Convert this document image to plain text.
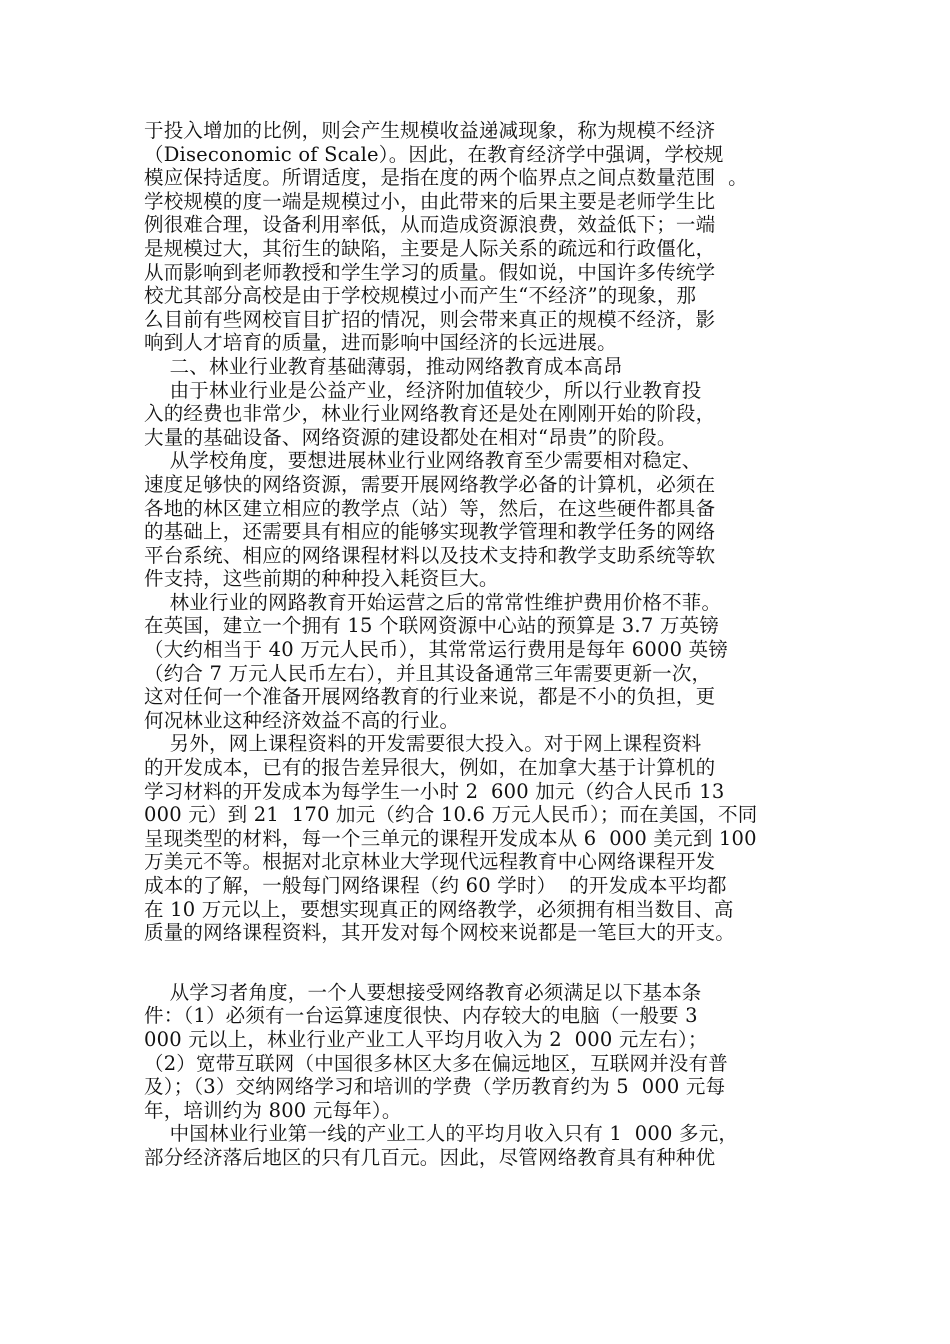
于投入增加的比例，则会产生规模收益递减现象，称为规模不经济
（Diseconomic of Scale）。因此，在教育经济学中强调，学校规
模应保持适度。所谓适度，是指在度的两个临界点之间点数量范围  。
学校规模的度一端是规模过小，由此带来的后果主要是老师学生比
例很难合理，设备利用率低，从而造成资源浪费，效益低下；一端
是规模过大，其衍生的缺陷，主要是人际关系的疏远和行政僵化，
从而影响到老师教授和学生学习的质量。假如说，中国许多传统学
校尤其部分高校是由于学校规模过小而产生“不经济”的现象，那
么目前有些网校盲目扩招的情况，则会带来真正的规模不经济，影
响到人才培育的质量，进而影响中国经济的长远进展。
二、林业行业教育基础薄弱，推动网络教育成本高昂
由于林业行业是公益产业，经济附加值较少，所以行业教育投
入的经费也非常少，林业行业网络教育还是处在刚刚开始的阶段，
大量的基础设备、网络资源的建设都处在相对“昂贵”的阶段。
从学校角度，要想进展林业行业网络教育至少需要相对稳定、
速度足够快的网络资源，需要开展网络教学必备的计算机，必须在
各地的林区建立相应的教学点（站）等，然后，在这些硬件都具备
的基础上，还需要具有相应的能够实现教学管理和教学任务的网络
平台系统、相应的网络课程材料以及技术支持和教学支助系统等软
件支持，这些前期的种种投入耗资巨大。
林业行业的网路教育开始运营之后的常常性维护费用价格不菲。
在英国，建立一个拥有 15 个联网资源中心站的预算是 3.7 万英镑
（大约相当于 40 万元人民币），其常常运行费用是每年 6000 英镑
（约合 7 万元人民币左右），并且其设备通常三年需要更新一次，
这对任何一个准备开展网络教育的行业来说，都是不小的负担，更
何况林业这种经济效益不高的行业。
另外，网上课程资料的开发需要很大投入。对于网上课程资料
的开发成本，已有的报告差异很大，例如，在加拿大基于计算机的
学习材料的开发成本为每学生一小时 2  600 加元（约合人民币 13
000 元）到 21  170 加元（约合 10.6 万元人民币）；而在美国，不同
呈现类型的材料，每一个三单元的课程开发成本从 6  000 美元到 100
万美元不等。根据对北京林业大学现代远程教育中心网络课程开发
成本的了解，一般每门网络课程（约 60 学时）  的开发成本平均都
在 10 万元以上，要想实现真正的网络教学，必须拥有相当数目、高
质量的网络课程资料，其开发对每个网校来说都是一笔巨大的开支。
从学习者角度，一个人要想接受网络教育必须满足以下基本条
件：（1）必须有一台运算速度很快、内存较大的电脑（一般要 3
000 元以上，林业行业产业工人平均月收入为 2  000 元左右）；
（2）宽带互联网（中国很多林区大多在偏远地区，互联网并没有普
及）；（3）交纳网络学习和培训的学费（学历教育约为 5  000 元每
年，培训约为 800 元每年）。
中国林业行业第一线的产业工人的平均月收入只有 1  000 多元，
部分经济落后地区的只有几百元。因此，尽管网络教育具有种种优
